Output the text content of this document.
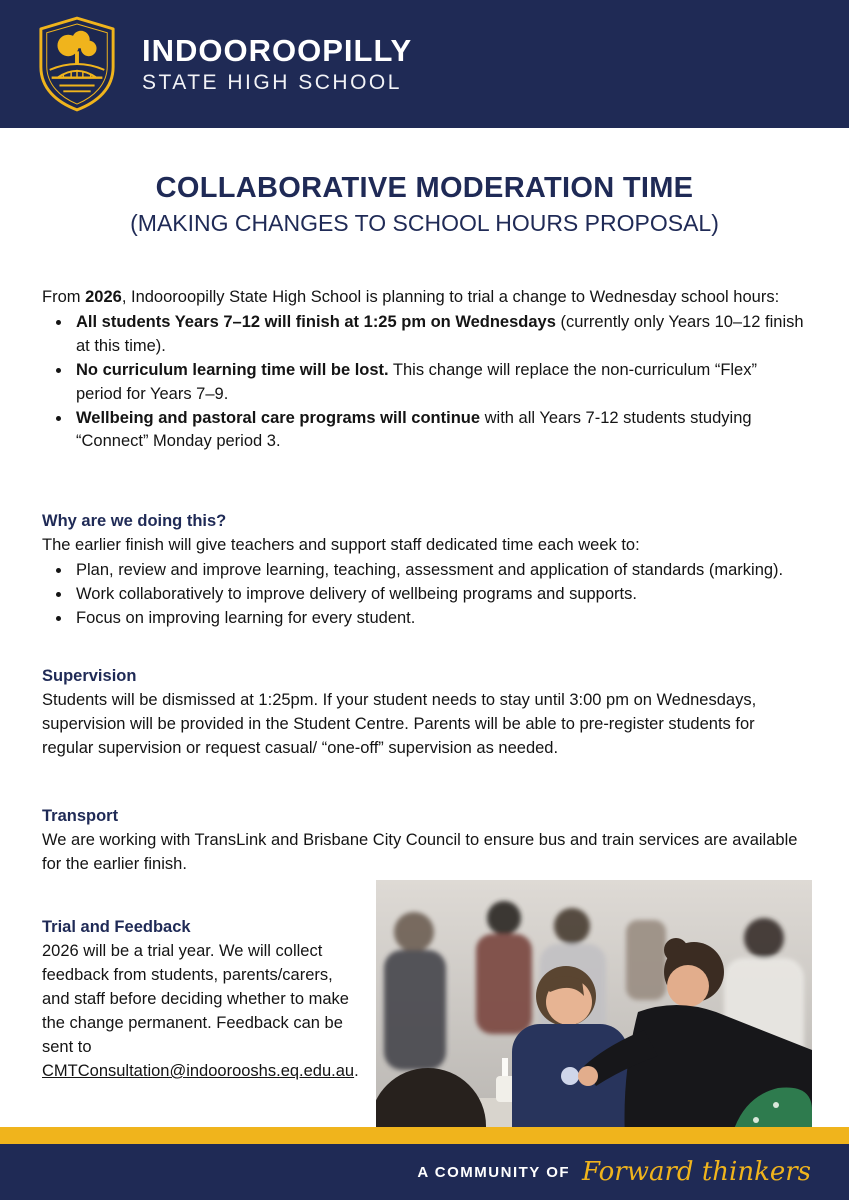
INDOOROOPILLY
STATE HIGH SCHOOL
COLLABORATIVE MODERATION TIME
(MAKING CHANGES TO SCHOOL HOURS PROPOSAL)

From 2026, Indooroopilly State High School is planning to trial a change to Wednesday school hours:

• All students Years 7–12 will finish at 1:25 pm on Wednesdays (currently only Years 10–12 finish at this time).
• No curriculum learning time will be lost. This change will replace the non-curriculum “Flex” period for Years 7–9.
• Wellbeing and pastoral care programs will continue with all Years 7-12 students studying “Connect” Monday period 3.
Why are we doing this?

The earlier finish will give teachers and support staff dedicated time each week to:

• Plan, review and improve learning, teaching, assessment and application of standards (marking).
• Work collaboratively to improve delivery of wellbeing programs and supports.
• Focus on improving learning for every student.
Supervision

Students will be dismissed at 1:25pm. If your student needs to stay until 3:00 pm on Wednesdays, supervision will be provided in the Student Centre. Parents will be able to pre-register students for regular supervision or request casual/ “one-off” supervision as needed.

Transport

We are working with TransLink and Brisbane City Council to ensure bus and train services are available for the earlier finish.

Trial and Feedback

2026 will be a trial year. We will collect feedback from students, parents/carers, and staff before deciding whether to make the change permanent. Feedback can be sent to CMTConsultation@indoorooshs.eq.edu.au.

A COMMUNITY OF Forward thinkers
